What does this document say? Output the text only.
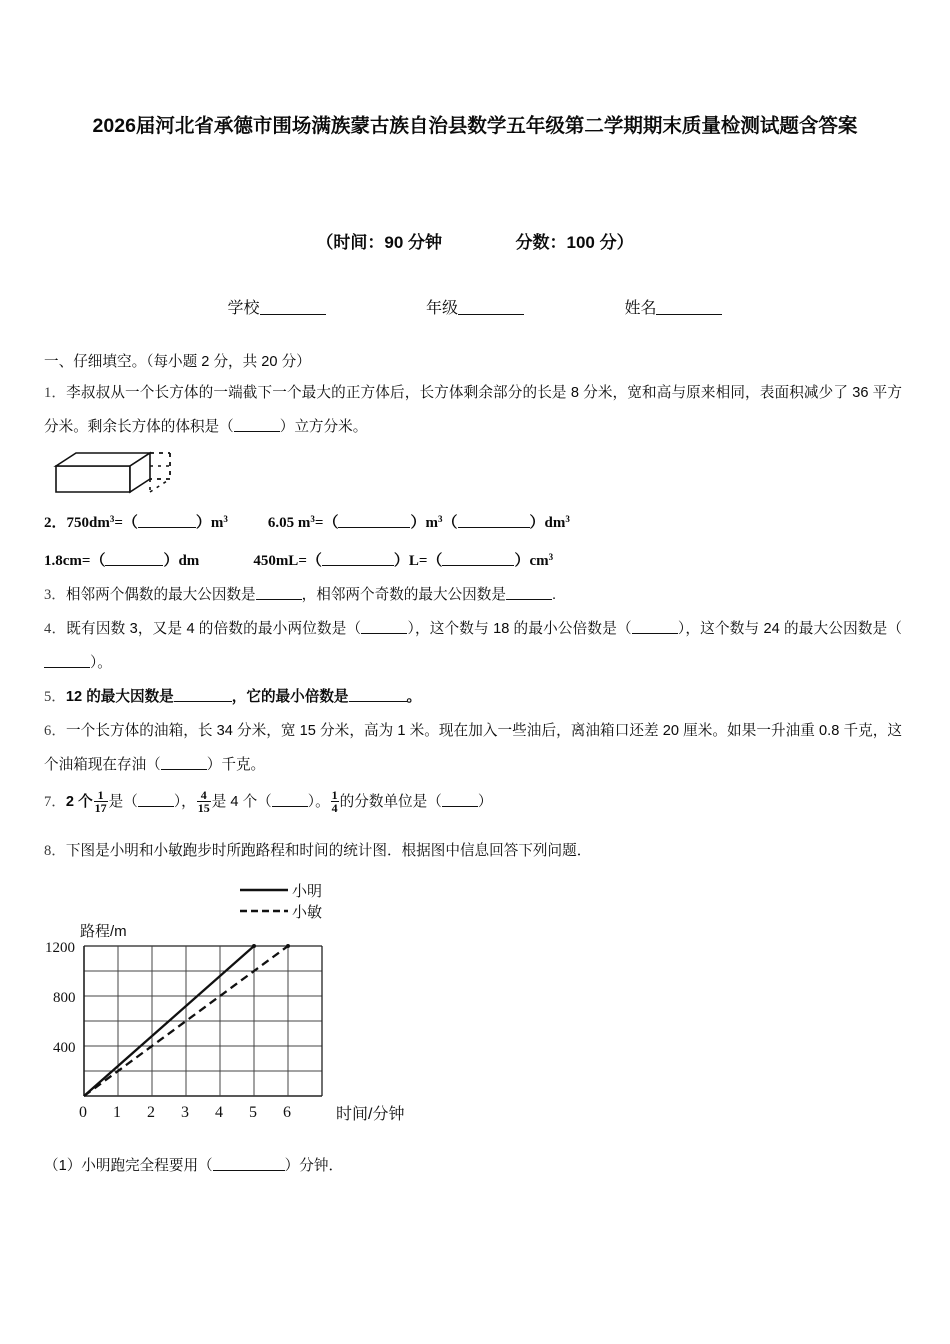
2026届河北省承德市围场满族蒙古族自治县数学五年级第二学期期末质量检测试题含答案
（时间：90 分钟	分数：100 分）
学校	年级	姓名
一、仔细填空。（每小题 2 分，共 20 分）
1．李叔叔从一个长方体的一端截下一个最大的正方体后，长方体剩余部分的长是 8 分米，宽和高与原来相同，表面积减少了 36 平方分米。剩余长方体的体积是（	）立方分米。
2．$750dm^3=$（	）$m^3$	6.05 $m^3=$（	）$m^3$（	）$dm^3$
1.8cm=（	）dm	450mL=（	）L=（	）$cm^3$
3．相邻两个偶数的最大公因数是	，相邻两个奇数的最大公因数是	.
4．既有因数 3，又是 4 的倍数的最小两位数是（	），这个数与 18 的最小公倍数是（	），这个数与 24 的最大公因数是（）。
5．12 的最大因数是	，它的最小倍数是	。
6．一个长方体的油箱，长 34 分米，宽 15 分米，高为 1 米。现在加入一些油后，离油箱口还差 20 厘米。如果一升油重 0.8 千克，这个油箱现在存油（	）千克。
7．2 个 $\frac{1}{17}$ 是（ ）， $\frac{4}{15}$ 是 4 个（ ）。 $\frac{1}{4}$ 的分数单位是（ ）
8．下图是小明和小敏跑步时所跑路程和时间的统计图．根据图中信息回答下列问题．
小明
小敏
路程/m
1200
800
400
0 1 2 3 4 5 6	时间/分钟
（1）小明跑完全程要用（	）分钟．
